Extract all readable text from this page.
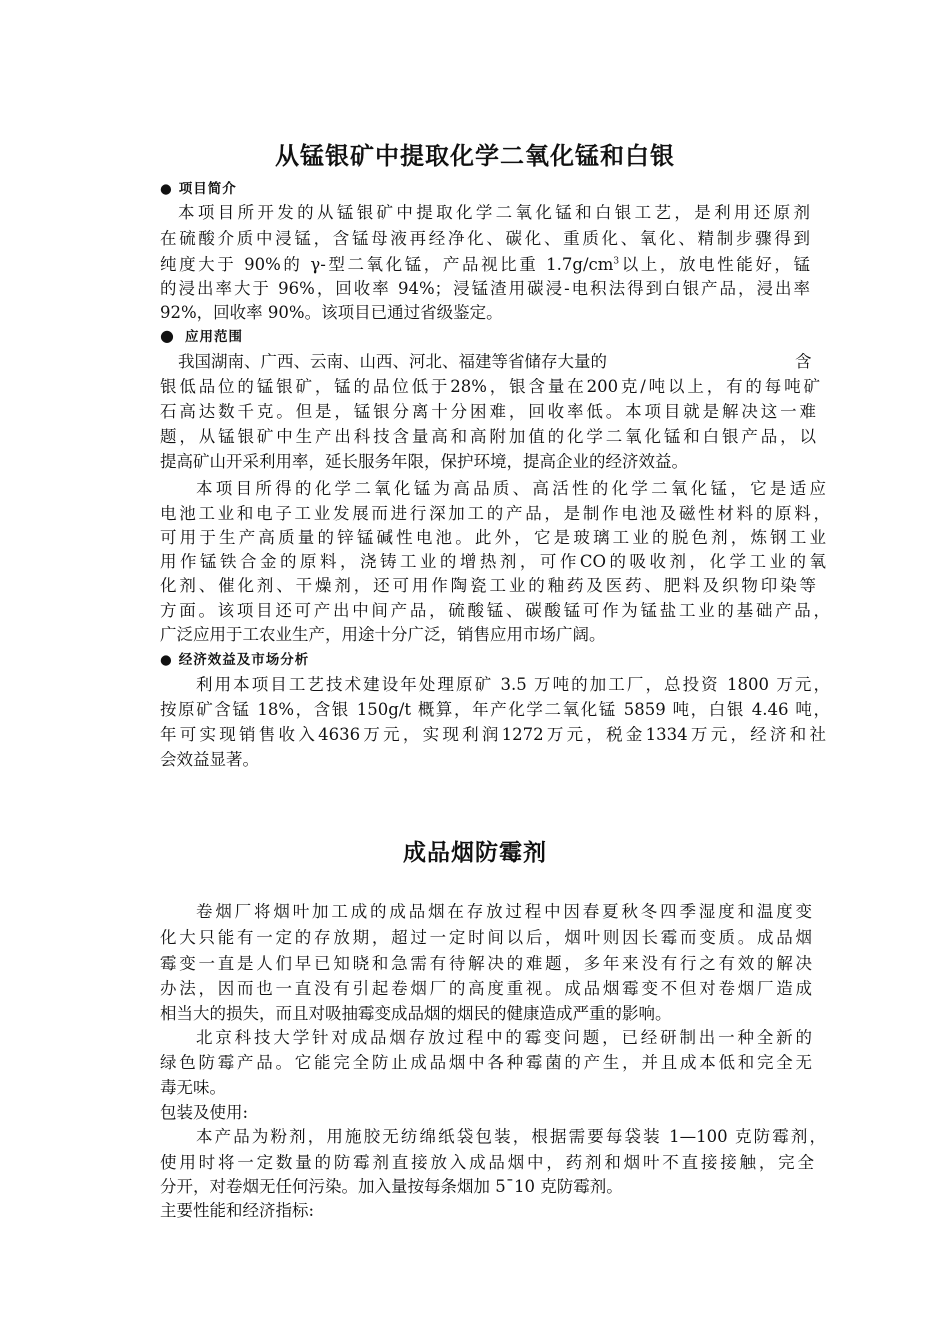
从锰银矿中提取化学二氧化锰和白银
● 项目简介
本项目所开发的从锰银矿中提取化学二氧化锰和白银工艺，是利用还原剂
在硫酸介质中浸锰，含锰母液再经净化、碳化、重质化、氧化、精制步骤得到
纯度大于 90%的 γ-型二氧化锰，产品视比重 $1.7g/cm^3$以上，放电性能好，锰
的浸出率大于 96%，回收率 94%；浸锰渣用碳浸-电积法得到白银产品，浸出率
92%，回收率 90%。该项目已通过省级鉴定。
● 应用范围
我国湖南、广西、云南、山西、河北、福建等省储存大量的	含
银低品位的锰银矿，锰的品位低于28%，银含量在200克/吨以上，有的每吨矿
石高达数千克。但是，锰银分离十分困难，回收率低。本项目就是解决这一难
题，从锰银矿中生产出科技含量高和高附加值的化学二氧化锰和白银产品，以
提高矿山开采利用率，延长服务年限，保护环境，提高企业的经济效益。
本项目所得的化学二氧化锰为高品质、高活性的化学二氧化锰，它是适应
电池工业和电子工业发展而进行深加工的产品，是制作电池及磁性材料的原料，
可用于生产高质量的锌锰碱性电池。此外，它是玻璃工业的脱色剂，炼钢工业
用作锰铁合金的原料，浇铸工业的增热剂，可作CO的吸收剂，化学工业的氧
化剂、催化剂、干燥剂，还可用作陶瓷工业的釉药及医药、肥料及织物印染等
方面。该项目还可产出中间产品，硫酸锰、碳酸锰可作为锰盐工业的基础产品，
广泛应用于工农业生产，用途十分广泛，销售应用市场广阔。
● 经济效益及市场分析
利用本项目工艺技术建设年处理原矿 3.5 万吨的加工厂，总投资 1800 万元，
按原矿含锰 18%，含银 150g/t 概算，年产化学二氧化锰 5859 吨，白银 4.46 吨，
年可实现销售收入4636万元，实现利润1272万元，税金1334万元，经济和社
会效益显著。
成品烟防霉剂
卷烟厂将烟叶加工成的成品烟在存放过程中因春夏秋冬四季湿度和温度变
化大只能有一定的存放期，超过一定时间以后，烟叶则因长霉而变质。成品烟
霉变一直是人们早已知晓和急需有待解决的难题，多年来没有行之有效的解决
办法，因而也一直没有引起卷烟厂的高度重视。成品烟霉变不但对卷烟厂造成
相当大的损失，而且对吸抽霉变成品烟的烟民的健康造成严重的影响。
北京科技大学针对成品烟存放过程中的霉变问题，已经研制出一种全新的
绿色防霉产品。它能完全防止成品烟中各种霉菌的产生，并且成本低和完全无
毒无味。
包装及使用:
本产品为粉剂，用施胶无纺绵纸袋包装，根据需要每袋装 1—100 克防霉剂，
使用时将一定数量的防霉剂直接放入成品烟中，药剂和烟叶不直接接触，完全
分开，对卷烟无任何污染。加入量按每条烟加 5¯10 克防霉剂。
主要性能和经济指标:
